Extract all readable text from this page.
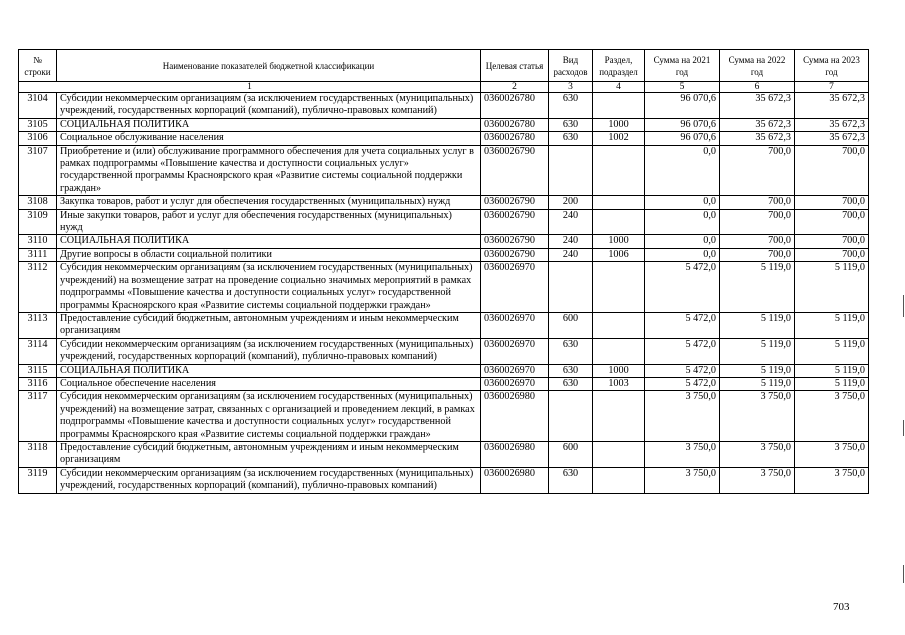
№ строки	Наименование показателей бюджетной классификации	Целевая статья	Вид расходов	Раздел, подраздел	Сумма на 2021 год	Сумма на 2022 год	Сумма на 2023 год
1		2	3	4	5	6	7
3104	Субсидии некоммерческим организациям (за исключением государственных (муниципальных) учреждений, государственных корпораций (компаний), публично-правовых компаний)	0360026780	630		96 070,6	35 672,3	35 672,3
3105	СОЦИАЛЬНАЯ ПОЛИТИКА	0360026780	630	1000	96 070,6	35 672,3	35 672,3
3106	Социальное обслуживание населения	0360026780	630	1002	96 070,6	35 672,3	35 672,3
3107	Приобретение и (или) обслуживание программного обеспечения для учета социальных услуг в рамках подпрограммы «Повышение качества и доступности социальных услуг» государственной программы Красноярского края «Развитие системы социальной поддержки граждан»	0360026790			0,0	700,0	700,0
3108	Закупка товаров, работ и услуг для обеспечения государственных (муниципальных) нужд	0360026790	200		0,0	700,0	700,0
3109	Иные закупки товаров, работ и услуг для обеспечения государственных (муниципальных) нужд	0360026790	240		0,0	700,0	700,0
3110	СОЦИАЛЬНАЯ ПОЛИТИКА	0360026790	240	1000	0,0	700,0	700,0
3111	Другие вопросы в области социальной политики	0360026790	240	1006	0,0	700,0	700,0
3112	Субсидия некоммерческим организациям (за исключением государственных (муниципальных) учреждений) на возмещение затрат на проведение социально значимых мероприятий в рамках подпрограммы «Повышение качества и доступности социальных услуг» государственной программы Красноярского края «Развитие системы социальной поддержки граждан»	0360026970			5 472,0	5 119,0	5 119,0
3113	Предоставление субсидий бюджетным, автономным учреждениям и иным некоммерческим организациям	0360026970	600		5 472,0	5 119,0	5 119,0
3114	Субсидии некоммерческим организациям (за исключением государственных (муниципальных) учреждений, государственных корпораций (компаний), публично-правовых компаний)	0360026970	630		5 472,0	5 119,0	5 119,0
3115	СОЦИАЛЬНАЯ ПОЛИТИКА	0360026970	630	1000	5 472,0	5 119,0	5 119,0
3116	Социальное обеспечение населения	0360026970	630	1003	5 472,0	5 119,0	5 119,0
3117	Субсидия некоммерческим организациям (за исключением государственных (муниципальных) учреждений) на возмещение затрат, связанных с организацией и проведением лекций, в рамках подпрограммы «Повышение качества и доступности социальных услуг» государственной программы Красноярского края «Развитие системы социальной поддержки граждан»	0360026980			3 750,0	3 750,0	3 750,0
3118	Предоставление субсидий бюджетным, автономным учреждениям и иным некоммерческим организациям	0360026980	600		3 750,0	3 750,0	3 750,0
3119	Субсидии некоммерческим организациям (за исключением государственных (муниципальных) учреждений, государственных корпораций (компаний), публично-правовых компаний)	0360026980	630		3 750,0	3 750,0	3 750,0
703
